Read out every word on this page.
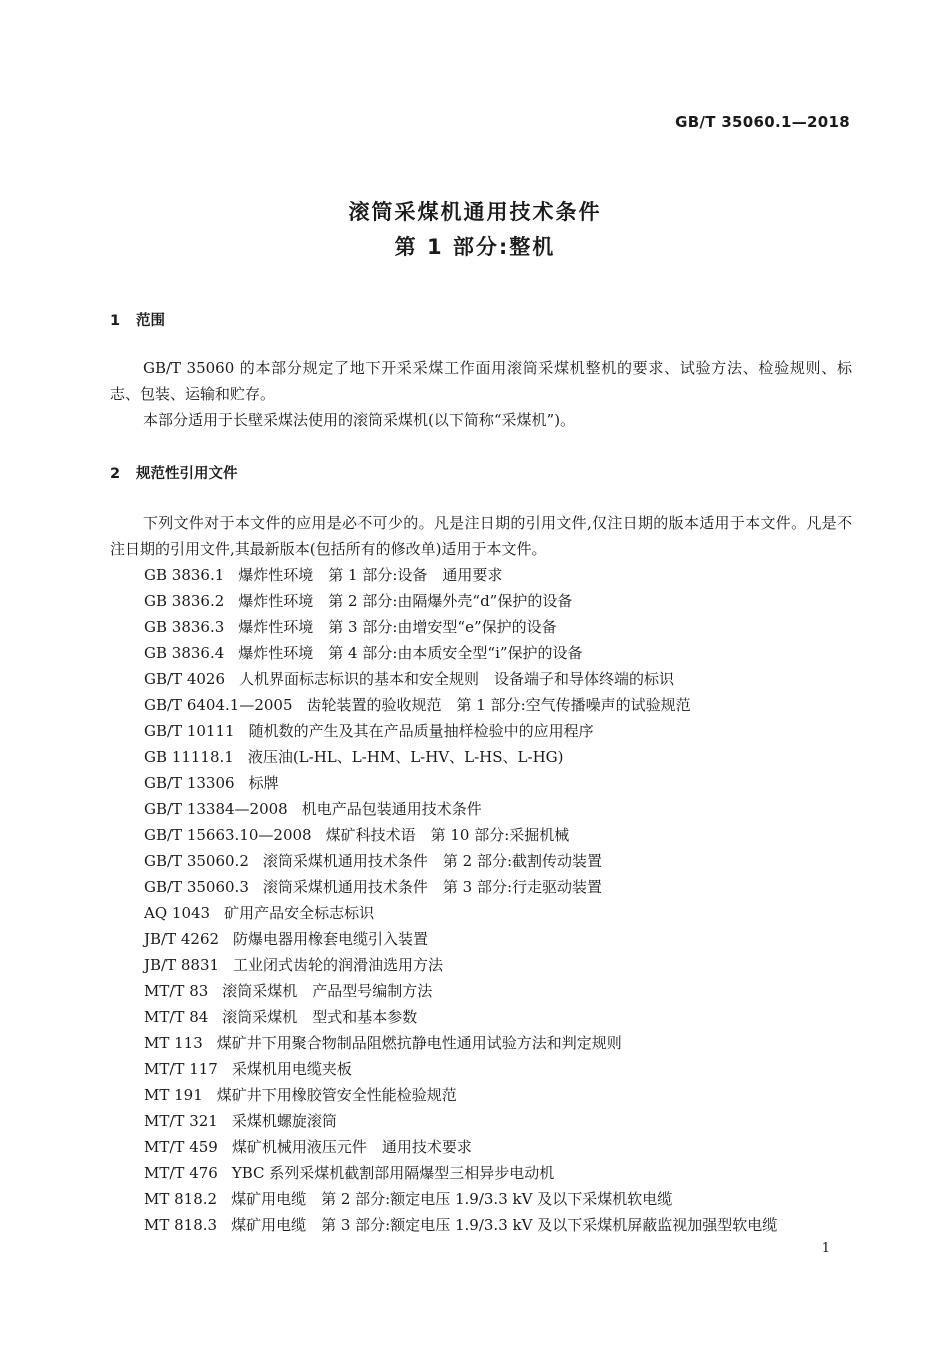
GB/T 35060.1—2018
滚筒采煤机通用技术条件
第 1 部分:整机
1 范围
GB/T 35060 的本部分规定了地下开采采煤工作面用滚筒采煤机整机的要求、试验方法、检验规则、标志、包装、运输和贮存。
本部分适用于长壁采煤法使用的滚筒采煤机(以下简称“采煤机”)。
2 规范性引用文件
下列文件对于本文件的应用是必不可少的。凡是注日期的引用文件,仅注日期的版本适用于本文件。凡是不注日期的引用文件,其最新版本(包括所有的修改单)适用于本文件。
GB 3836.1 爆炸性环境　第 1 部分:设备　通用要求
GB 3836.2 爆炸性环境　第 2 部分:由隔爆外壳“d”保护的设备
GB 3836.3 爆炸性环境　第 3 部分:由增安型“e”保护的设备
GB 3836.4 爆炸性环境　第 4 部分:由本质安全型“i”保护的设备
GB/T 4026 人机界面标志标识的基本和安全规则　设备端子和导体终端的标识
GB/T 6404.1—2005 齿轮装置的验收规范　第 1 部分:空气传播噪声的试验规范
GB/T 10111 随机数的产生及其在产品质量抽样检验中的应用程序
GB 11118.1 液压油(L-HL、L-HM、L-HV、L-HS、L-HG)
GB/T 13306 标牌
GB/T 13384—2008 机电产品包装通用技术条件
GB/T 15663.10—2008 煤矿科技术语　第 10 部分:采掘机械
GB/T 35060.2 滚筒采煤机通用技术条件　第 2 部分:截割传动装置
GB/T 35060.3 滚筒采煤机通用技术条件　第 3 部分:行走驱动装置
AQ 1043 矿用产品安全标志标识
JB/T 4262 防爆电器用橡套电缆引入装置
JB/T 8831 工业闭式齿轮的润滑油选用方法
MT/T 83 滚筒采煤机　产品型号编制方法
MT/T 84 滚筒采煤机　型式和基本参数
MT 113 煤矿井下用聚合物制品阻燃抗静电性通用试验方法和判定规则
MT/T 117 采煤机用电缆夹板
MT 191 煤矿井下用橡胶管安全性能检验规范
MT/T 321 采煤机螺旋滚筒
MT/T 459 煤矿机械用液压元件　通用技术要求
MT/T 476 YBC 系列采煤机截割部用隔爆型三相异步电动机
MT 818.2 煤矿用电缆　第 2 部分:额定电压 1.9/3.3 kV 及以下采煤机软电缆
MT 818.3 煤矿用电缆　第 3 部分:额定电压 1.9/3.3 kV 及以下采煤机屏蔽监视加强型软电缆
1
